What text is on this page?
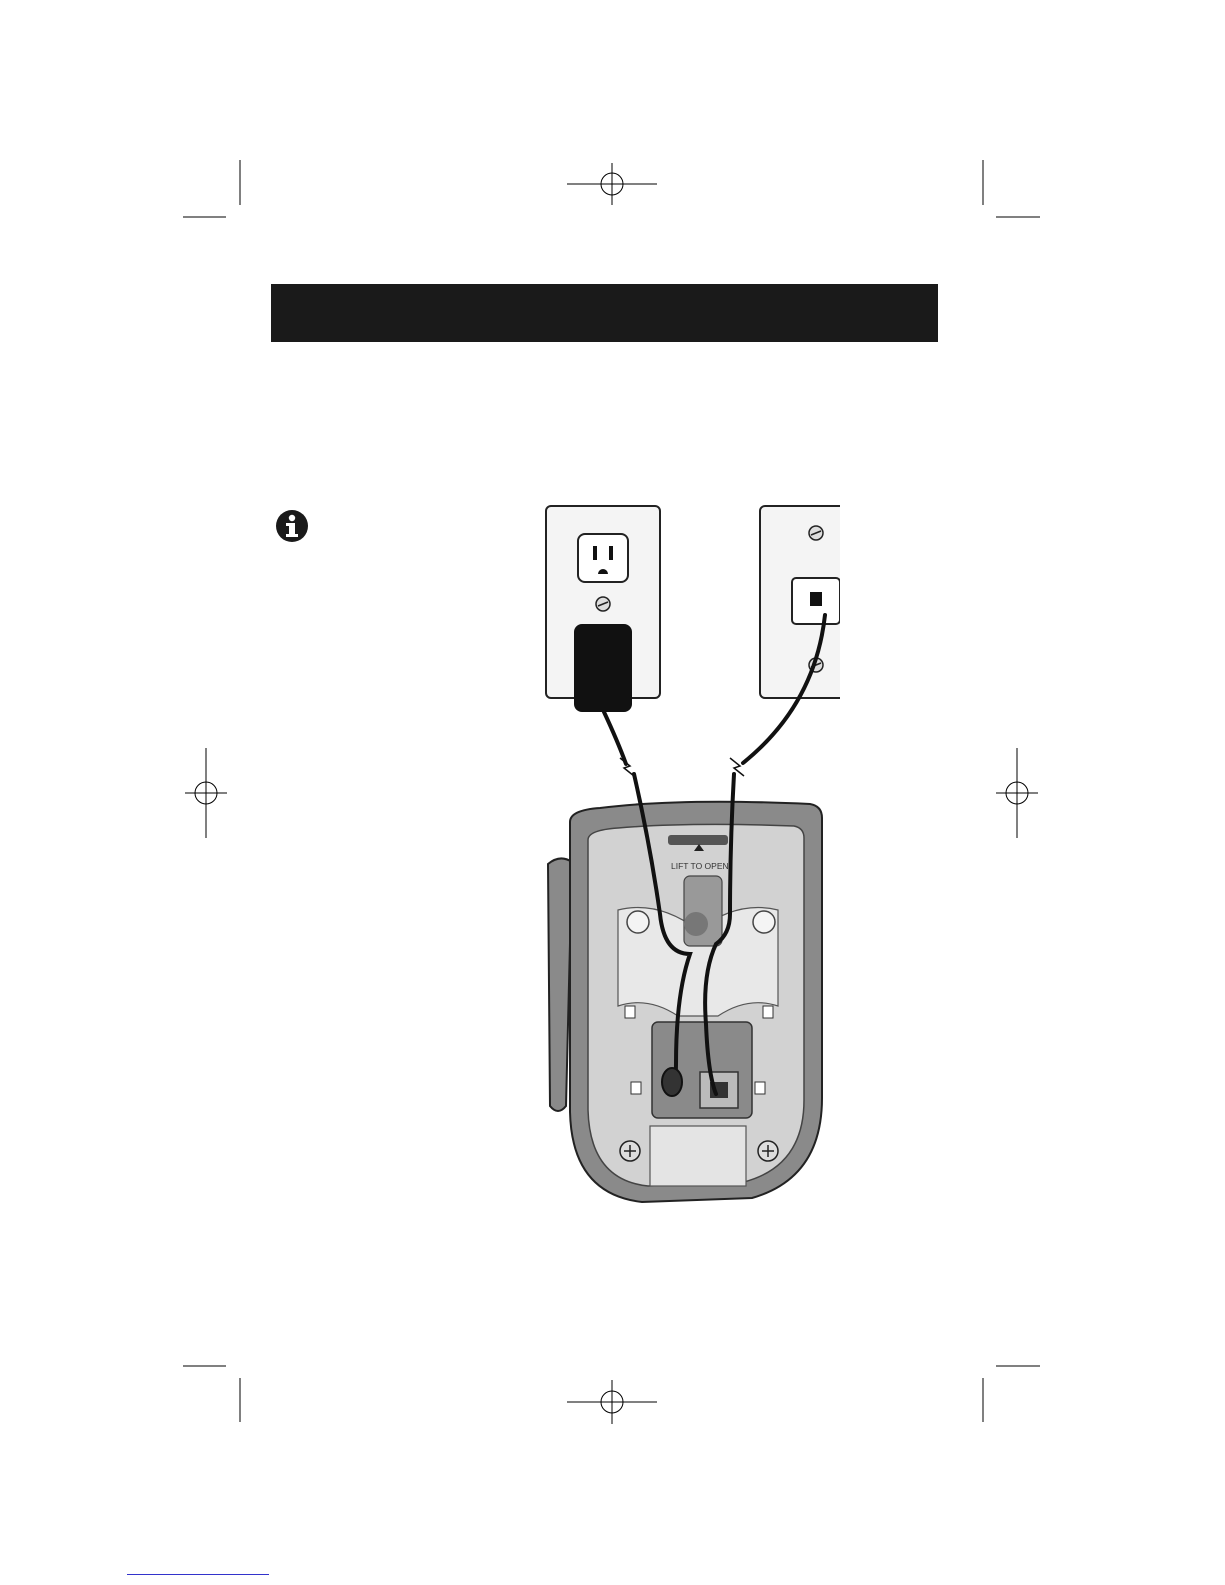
LIFT TO OPEN
